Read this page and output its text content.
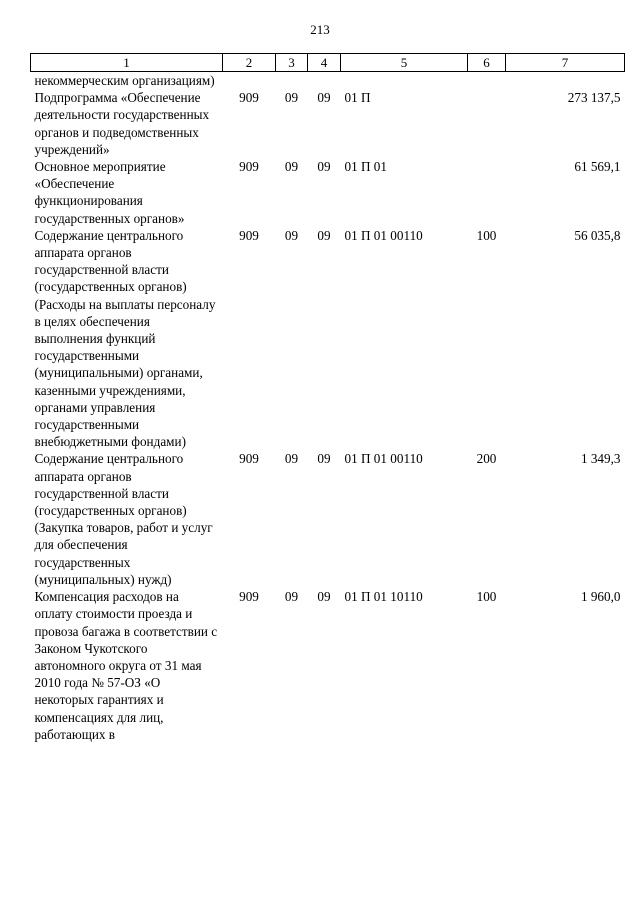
213
1	2	3	4	5	6	7
некоммерческим организациям)						
Подпрограмма «Обеспечение деятельности государственных органов и подведомственных учреждений»	909	09	09	01 П		273 137,5
Основное мероприятие «Обеспечение функционирования государственных органов»	909	09	09	01 П 01		61 569,1
Содержание центрального аппарата органов государственной власти (государственных органов) (Расходы на выплаты персоналу в целях обеспечения выполнения функций государственными (муниципальными) органами, казенными учреждениями, органами управления государственными внебюджетными фондами)	909	09	09	01 П 01 00110	100	56 035,8
Содержание центрального аппарата органов государственной власти (государственных органов) (Закупка товаров, работ и услуг для обеспечения государственных (муниципальных) нужд)	909	09	09	01 П 01 00110	200	1 349,3
Компенсация расходов на оплату стоимости проезда и провоза багажа в соответствии с Законом Чукотского автономного округа от 31 мая 2010 года № 57-ОЗ «О некоторых гарантиях и компенсациях для лиц, работающих в	909	09	09	01 П 01 10110	100	1 960,0
